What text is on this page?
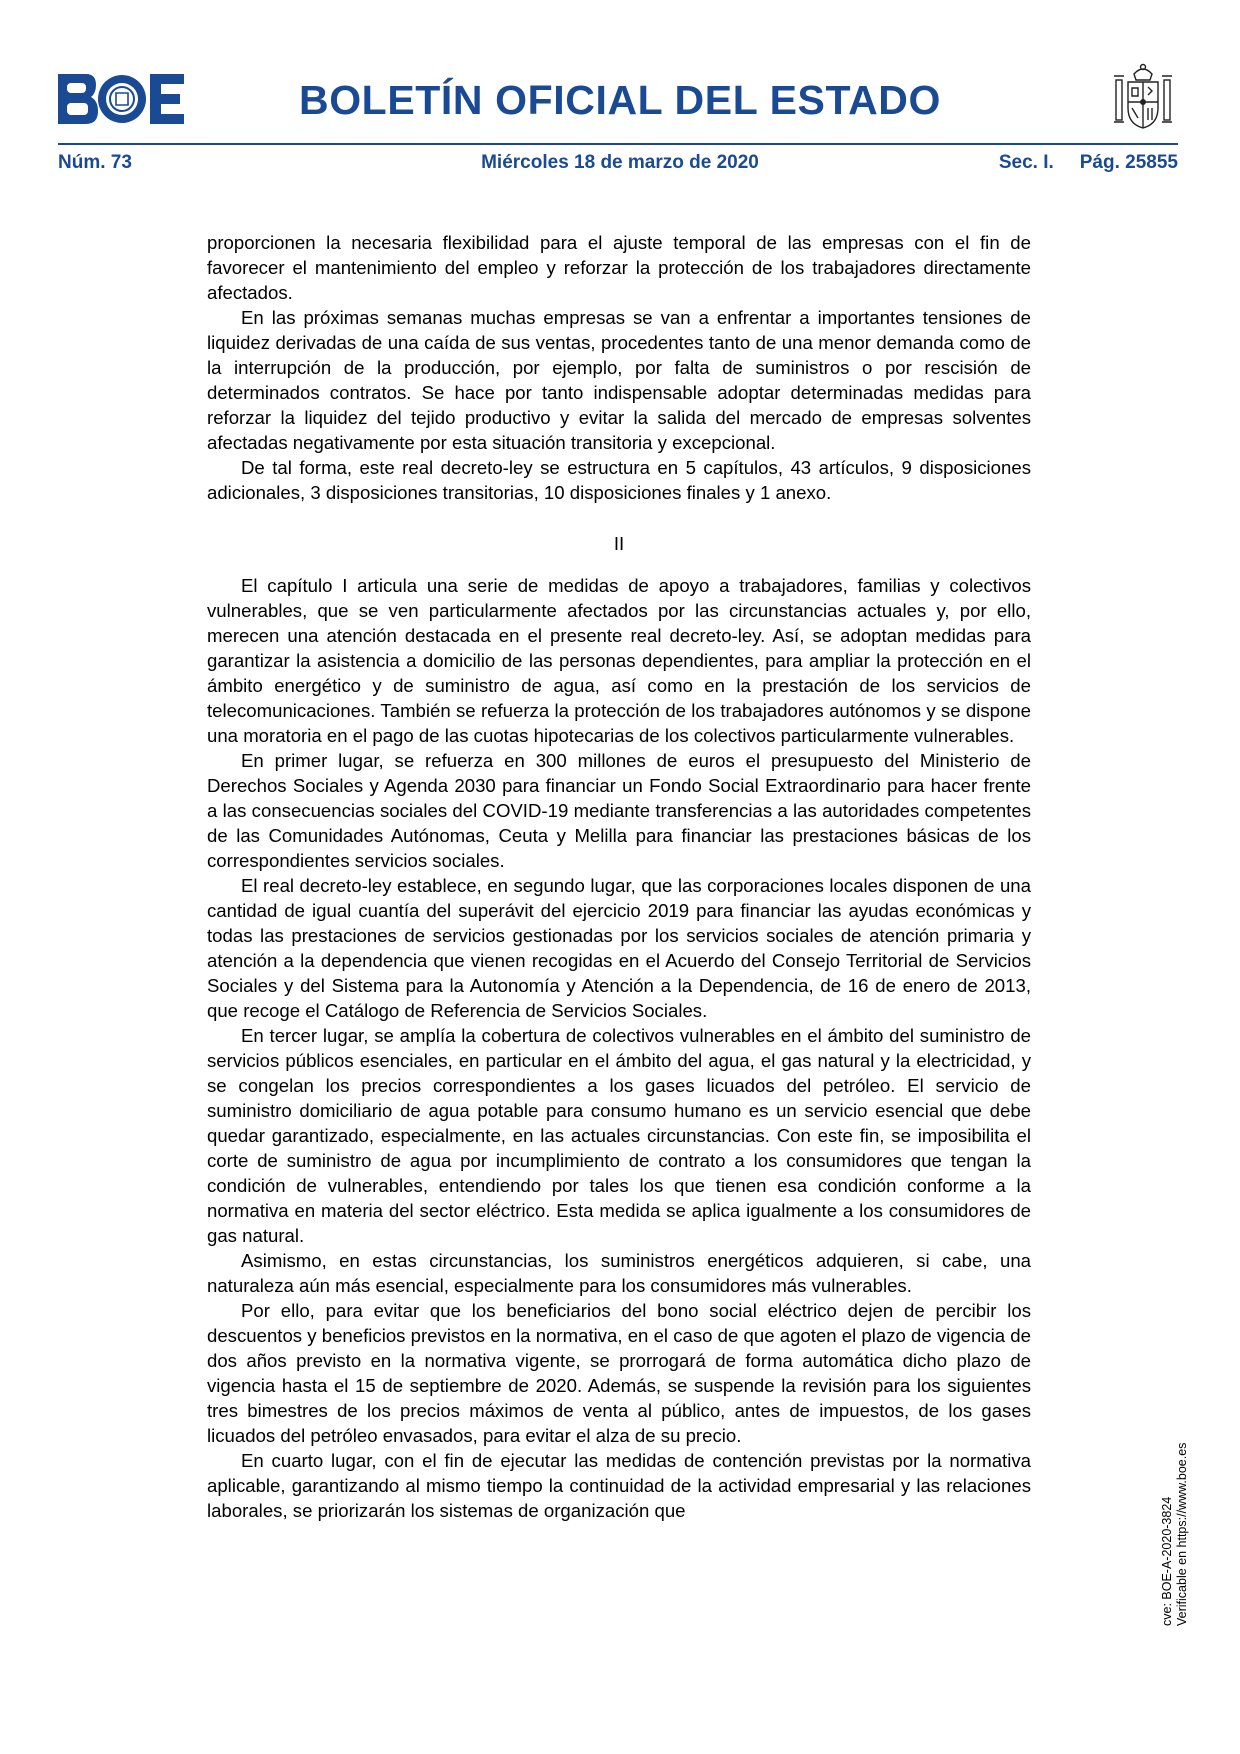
BOLETÍN OFICIAL DEL ESTADO
Núm. 73	Miércoles 18 de marzo de 2020	Sec. I. Pág. 25855

proporcionen la necesaria flexibilidad para el ajuste temporal de las empresas con el fin de favorecer el mantenimiento del empleo y reforzar la protección de los trabajadores directamente afectados.

En las próximas semanas muchas empresas se van a enfrentar a importantes tensiones de liquidez derivadas de una caída de sus ventas, procedentes tanto de una menor demanda como de la interrupción de la producción, por ejemplo, por falta de suministros o por rescisión de determinados contratos. Se hace por tanto indispensable adoptar determinadas medidas para reforzar la liquidez del tejido productivo y evitar la salida del mercado de empresas solventes afectadas negativamente por esta situación transitoria y excepcional.

De tal forma, este real decreto-ley se estructura en 5 capítulos, 43 artículos, 9 disposiciones adicionales, 3 disposiciones transitorias, 10 disposiciones finales y 1 anexo.

II

El capítulo I articula una serie de medidas de apoyo a trabajadores, familias y colectivos vulnerables, que se ven particularmente afectados por las circunstancias actuales y, por ello, merecen una atención destacada en el presente real decreto-ley. Así, se adoptan medidas para garantizar la asistencia a domicilio de las personas dependientes, para ampliar la protección en el ámbito energético y de suministro de agua, así como en la prestación de los servicios de telecomunicaciones. También se refuerza la protección de los trabajadores autónomos y se dispone una moratoria en el pago de las cuotas hipotecarias de los colectivos particularmente vulnerables.

En primer lugar, se refuerza en 300 millones de euros el presupuesto del Ministerio de Derechos Sociales y Agenda 2030 para financiar un Fondo Social Extraordinario para hacer frente a las consecuencias sociales del COVID-19 mediante transferencias a las autoridades competentes de las Comunidades Autónomas, Ceuta y Melilla para financiar las prestaciones básicas de los correspondientes servicios sociales.

El real decreto-ley establece, en segundo lugar, que las corporaciones locales disponen de una cantidad de igual cuantía del superávit del ejercicio 2019 para financiar las ayudas económicas y todas las prestaciones de servicios gestionadas por los servicios sociales de atención primaria y atención a la dependencia que vienen recogidas en el Acuerdo del Consejo Territorial de Servicios Sociales y del Sistema para la Autonomía y Atención a la Dependencia, de 16 de enero de 2013, que recoge el Catálogo de Referencia de Servicios Sociales.

En tercer lugar, se amplía la cobertura de colectivos vulnerables en el ámbito del suministro de servicios públicos esenciales, en particular en el ámbito del agua, el gas natural y la electricidad, y se congelan los precios correspondientes a los gases licuados del petróleo. El servicio de suministro domiciliario de agua potable para consumo humano es un servicio esencial que debe quedar garantizado, especialmente, en las actuales circunstancias. Con este fin, se imposibilita el corte de suministro de agua por incumplimiento de contrato a los consumidores que tengan la condición de vulnerables, entendiendo por tales los que tienen esa condición conforme a la normativa en materia del sector eléctrico. Esta medida se aplica igualmente a los consumidores de gas natural.

Asimismo, en estas circunstancias, los suministros energéticos adquieren, si cabe, una naturaleza aún más esencial, especialmente para los consumidores más vulnerables.

Por ello, para evitar que los beneficiarios del bono social eléctrico dejen de percibir los descuentos y beneficios previstos en la normativa, en el caso de que agoten el plazo de vigencia de dos años previsto en la normativa vigente, se prorrogará de forma automática dicho plazo de vigencia hasta el 15 de septiembre de 2020. Además, se suspende la revisión para los siguientes tres bimestres de los precios máximos de venta al público, antes de impuestos, de los gases licuados del petróleo envasados, para evitar el alza de su precio.

En cuarto lugar, con el fin de ejecutar las medidas de contención previstas por la normativa aplicable, garantizando al mismo tiempo la continuidad de la actividad empresarial y las relaciones laborales, se priorizarán los sistemas de organización que	cve: BOE-A-2020-3824 Verificable en https://www.boe.es
